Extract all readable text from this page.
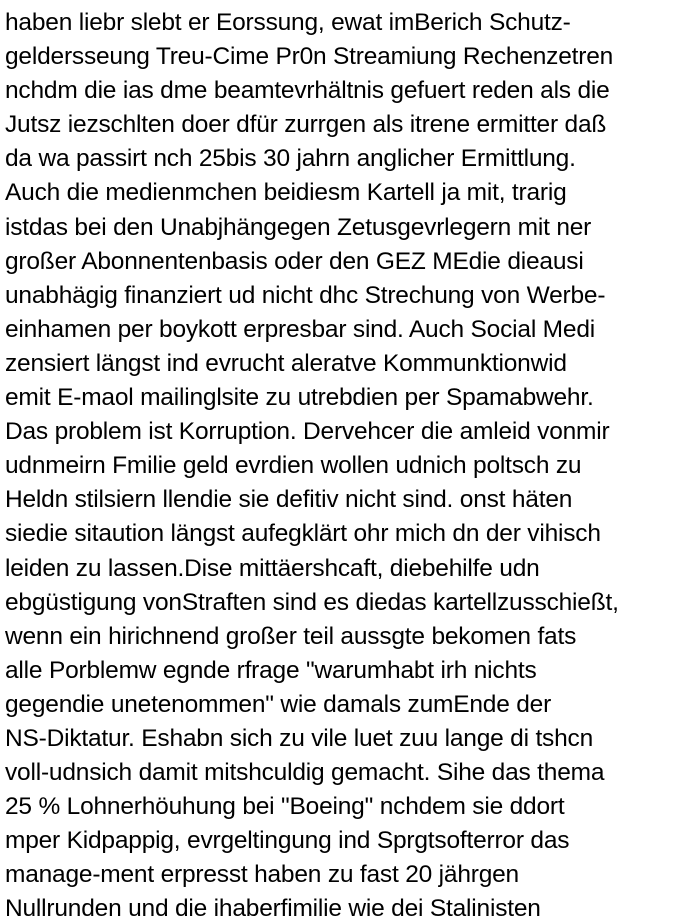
haben liebr slebt er Eorssung, ewat imBerich Schutz-
geldersseung Treu-Cime Pr0n Streamiung Rechenzetren
nchdm die ias dme beamtevrhältnis gefuert reden als die
Jutsz iezschlten doer dfür zurrgen als itrene ermitter daß
da wa passirt nch 25bis 30 jahrn anglicher Ermittlung.
Auch die medienmchen beidiesm Kartell ja mit, trarig
istdas bei den Unabjhängegen Zetusgevrlegern mit ner
großer Abonnentenbasis oder den GEZ MEdie dieausi
unabhägig finanziert ud nicht dhc Strechung von Werbe-
einhamen per boykott erpresbar sind. Auch Social Medi
zensiert längst ind evrucht aleratve Kommunktionwid
emit E-maol mailinglsite zu utrebdien per Spamabwehr.
Das problem ist Korruption. Dervehcer die amleid vonmir
udnmeirn Fmilie geld evrdien wollen udnich poltsch zu
Heldn stilsiern llendie sie defitiv nicht sind. onst häten
siedie sitaution längst aufegklärt ohr mich dn der vihisch
leiden zu lassen.Dise mittäershcaft, diebehilfe udn
ebgüstigung vonStraften sind es diedas kartellzusschießt,
wenn ein hirichnend großer teil aussgte bekomen fats
alle Porblemw egnde rfrage "warumhabt irh nichts
gegendie unetenommen" wie damals zumEnde der
NS-Diktatur. Eshabn sich zu vile luet zuu lange di tshcn
voll-udnsich damit mitshculdig gemacht. Sihe das thema
25 % Lohnerhöuhung bei "Boeing" nchdem sie ddort
mper Kidpappig, evrgeltingung ind Sprgtsofterror das
manage-ment erpresst haben zu fast 20 jährgen
Nullrunden und die ihaberfimilie wie dei Stalinisten
